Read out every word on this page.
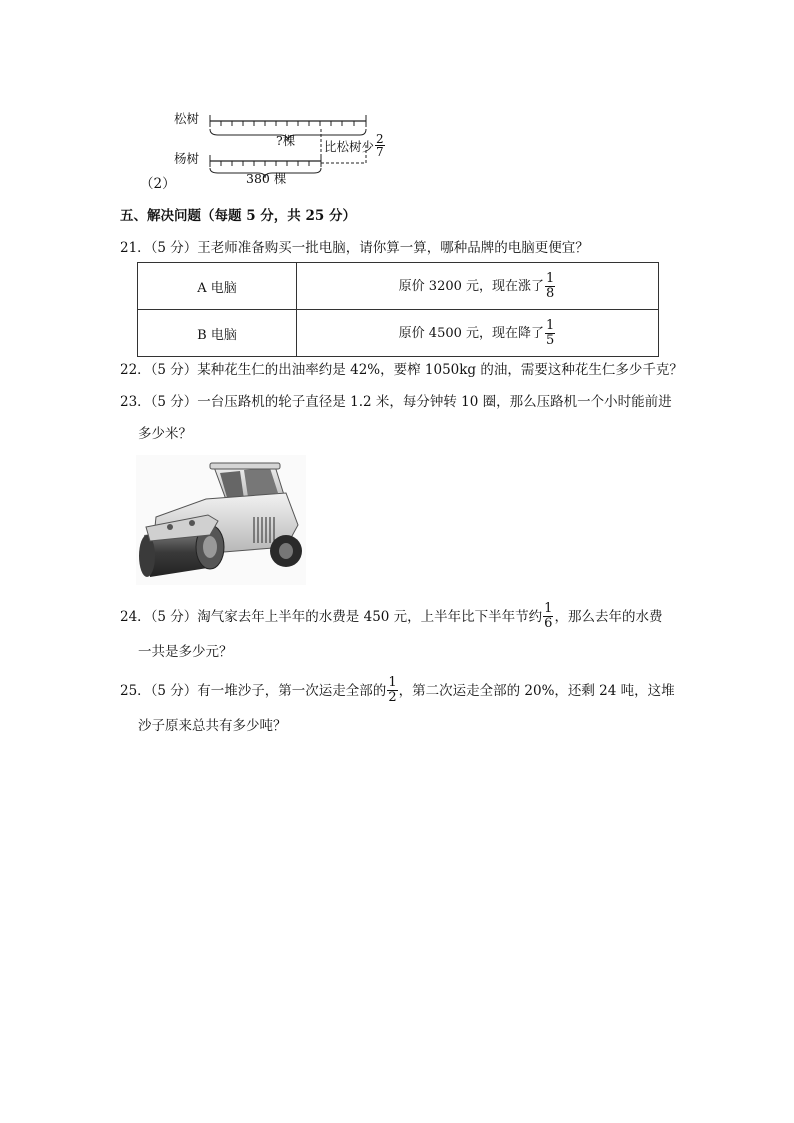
松树
杨树
?棵 比松树少 $\frac{2}{7}$
380 棵
（2）
五、解决问题（每题 5 分，共 25 分）
21．（5 分）王老师准备购买一批电脑，请你算一算，哪种品牌的电脑更便宜？
A 电脑	原价 3200 元，现在涨了 $\frac{1}{8}$

B 电脑	原价 4500 元，现在降了 $\frac{1}{5}$
22．（5 分）某种花生仁的出油率约是 42%，要榨 1050kg 的油，需要这种花生仁多少千克？
23．（5 分）一台压路机的轮子直径是 1.2 米，每分钟转 10 圈，那么压路机一个小时能前进
多少米？
24．（5 分）淘气家去年上半年的水费是 450 元，上半年比下半年节约 $\frac{1}{6}$ ，那么去年的水费
一共是多少元？
25．（5 分）有一堆沙子，第一次运走全部的 $\frac{1}{2}$ ，第二次运走全部的 20%，还剩 24 吨，这堆
沙子原来总共有多少吨？
